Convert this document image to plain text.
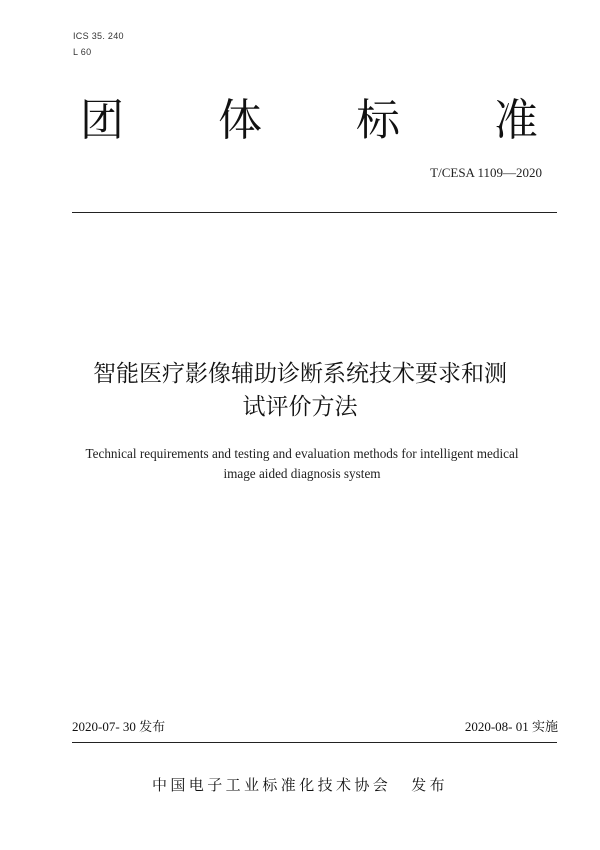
ICS 35. 240
L 60
团 体 标 准
T/CESA 1109—2020
智能医疗影像辅助诊断系统技术要求和测
试评价方法
Technical requirements and testing and evaluation methods for intelligent medical
image aided diagnosis system
2020-07- 30 发布	2020-08- 01 实施
中国电子工业标准化技术协会 发布
